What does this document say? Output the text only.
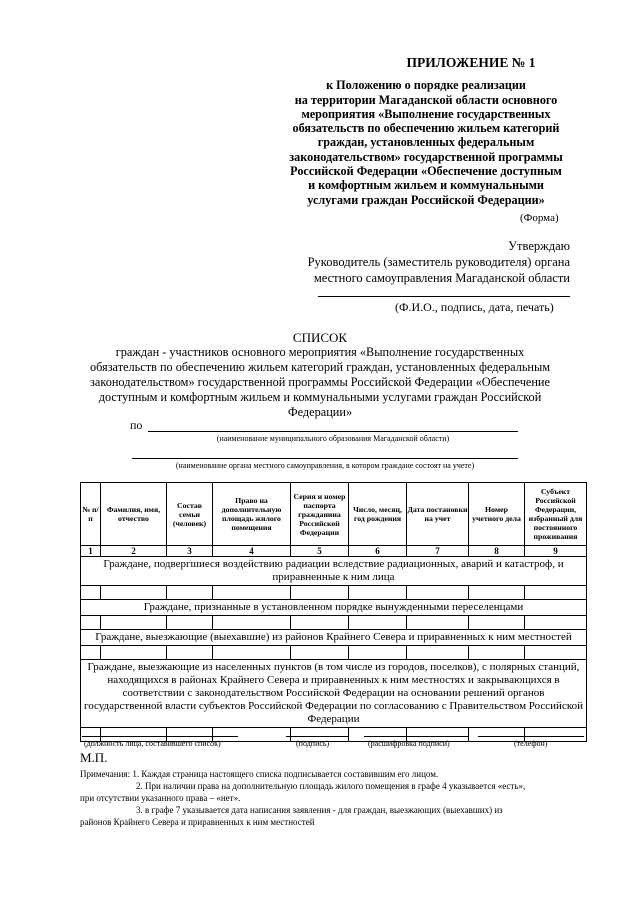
ПРИЛОЖЕНИЕ № 1
к Положению о порядке реализации
на территории Магаданской области основного
мероприятия «Выполнение государственных
обязательств по обеспечению жильем категорий
граждан, установленных федеральным
законодательством» государственной программы
Российской Федерации «Обеспечение доступным
и комфортным жильем и коммунальными
услугами граждан Российской Федерации»
(Форма)
Утверждаю
Руководитель (заместитель руководителя) органа
местного самоуправления Магаданской области
(Ф.И.О., подпись, дата, печать)
СПИСОК
граждан - участников основного мероприятия «Выполнение государственных
обязательств по обеспечению жильем категорий граждан, установленных федеральным
законодательством» государственной программы Российской Федерации «Обеспечение
доступным и комфортным жильем и коммунальными услугами граждан Российской
Федерации»
по
(наименование муниципального образования Магаданской области)
(наименование органа местного самоуправления, в котором граждане состоят на учете)
№ п/п	Фамилия, имя, отчество	Состав семьи (человек)	Право на дополнительную площадь жилого помещения	Серия и номер паспорта гражданина Российской Федерации	Число, месяц, год рождения	Дата постановки на учет	Номер учетного дела	Субъект Российской Федерации, избранный для постоянного проживания
1	2	3	4	5	6	7	8	9
Граждане, подвергшиеся воздействию радиации вследствие радиационных, аварий и катастроф, и приравненные к ним лица								

Граждане, признанные в установленном порядке вынужденными переселенцами								

Граждане, выезжающие (выехавшие) из районов Крайнего Севера и приравненных к ним местностей								

Граждане, выезжающие из населенных пунктов (в том числе из городов, поселков), с полярных станций, находящихся в районах Крайнего Севера и приравненных к ним местностях и закрывающихся в соответствии с законодательством Российской Федерации на основании решений органов государственной власти субъектов Российской Федерации по согласованию с Правительством Российской Федерации								

(должность лица, составившего список)	(подпись)	(расшифровка подписи)	(телефон)
М.П.
Примечания: 1. Каждая страница настоящего списка подписывается составившим его лицом.
2. При наличии права на дополнительную площадь жилого помещения в графе 4 указывается «есть»,
при отсутствии указанного права – «нет».
3. в графе 7 указывается дата написания заявления - для граждан, выезжающих (выехавших) из
районов Крайнего Севера и приравненных к ним местностей
